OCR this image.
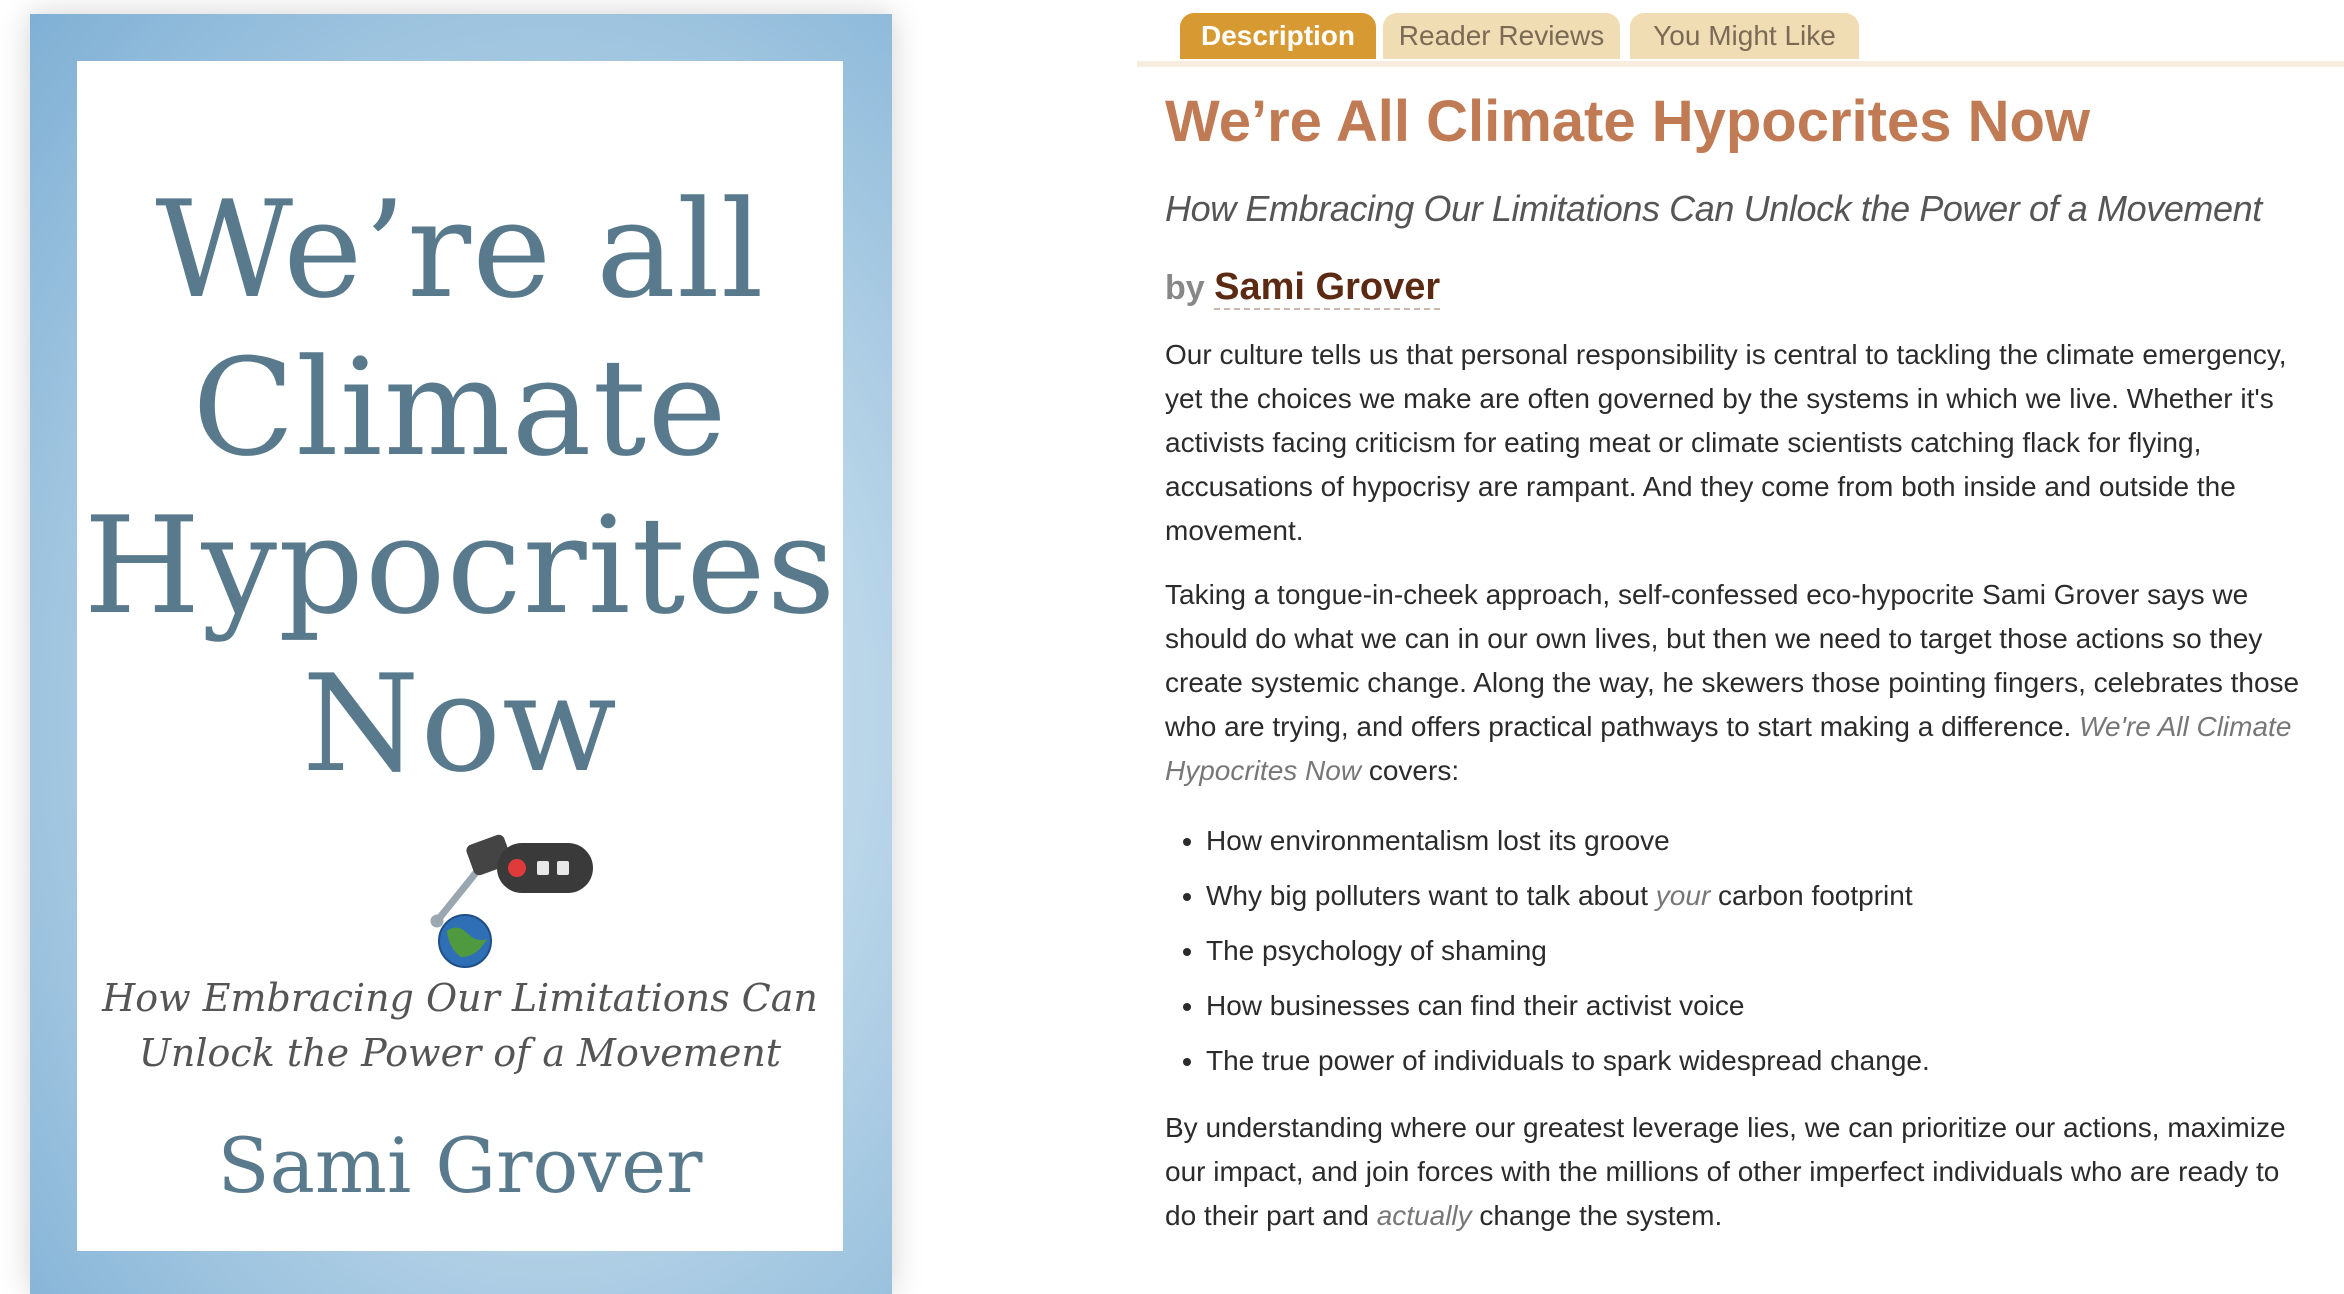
We’re all
Climate
Hypocrites
Now
How Embracing Our Limitations Can
Unlock the Power of a Movement
Sami Grover
Description	Reader Reviews	You Might Like
We’re All Climate Hypocrites Now
How Embracing Our Limitations Can Unlock the Power of a Movement
by Sami Grover

Our culture tells us that personal responsibility is central to tackling the climate emergency, yet the choices we make are often governed by the systems in which we live. Whether it's activists facing criticism for eating meat or climate scientists catching flack for flying, accusations of hypocrisy are rampant. And they come from both inside and outside the movement.

Taking a tongue-in-cheek approach, self-confessed eco-hypocrite Sami Grover says we should do what we can in our own lives, but then we need to target those actions so they create systemic change. Along the way, he skewers those pointing fingers, celebrates those who are trying, and offers practical pathways to start making a difference. We're All Climate Hypocrites Now covers:

• How environmentalism lost its groove
• Why big polluters want to talk about your carbon footprint
• The psychology of shaming
• How businesses can find their activist voice
• The true power of individuals to spark widespread change.

By understanding where our greatest leverage lies, we can prioritize our actions, maximize our impact, and join forces with the millions of other imperfect individuals who are ready to do their part and actually change the system.
